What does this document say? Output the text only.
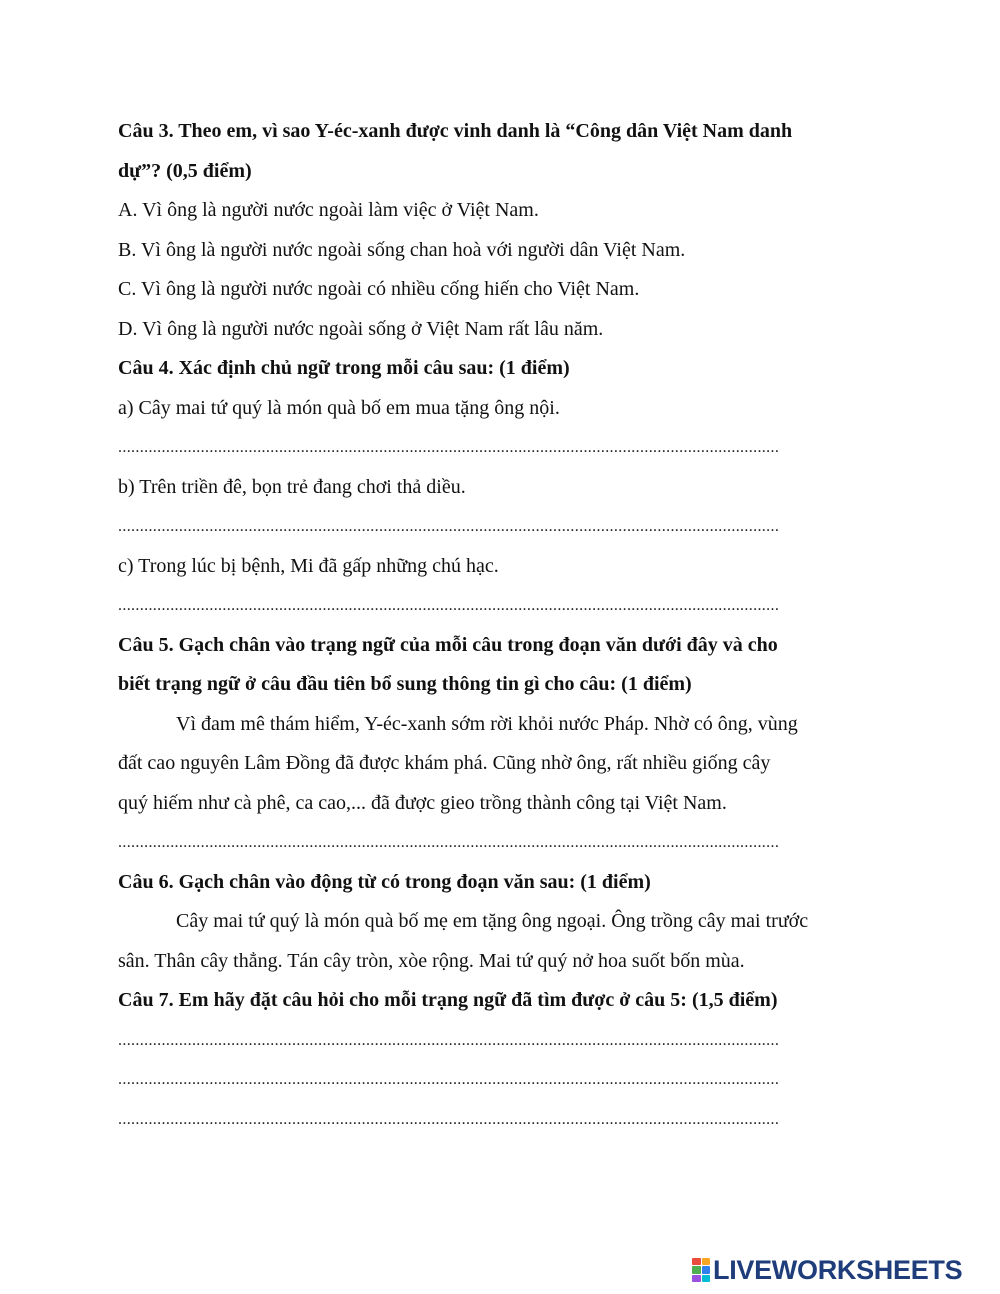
Câu 3. Theo em, vì sao Y-éc-xanh được vinh danh là “Công dân Việt Nam danh
dự”? (0,5 điểm)
A. Vì ông là người nước ngoài làm việc ở Việt Nam.
B. Vì ông là người nước ngoài sống chan hoà với người dân Việt Nam.
C. Vì ông là người nước ngoài có nhiều cống hiến cho Việt Nam.
D. Vì ông là người nước ngoài sống ở Việt Nam rất lâu năm.
Câu 4. Xác định chủ ngữ trong mỗi câu sau: (1 điểm)
a) Cây mai tứ quý là món quà bố em mua tặng ông nội.
........................................................................................................................................................
b) Trên triền đê, bọn trẻ đang chơi thả diều.
........................................................................................................................................................
c) Trong lúc bị bệnh, Mi đã gấp những chú hạc.
........................................................................................................................................................
Câu 5. Gạch chân vào trạng ngữ của mỗi câu trong đoạn văn dưới đây và cho
biết trạng ngữ ở câu đầu tiên bổ sung thông tin gì cho câu: (1 điểm)
Vì đam mê thám hiểm, Y-éc-xanh sớm rời khỏi nước Pháp. Nhờ có ông, vùng
đất cao nguyên Lâm Đồng đã được khám phá. Cũng nhờ ông, rất nhiều giống cây
quý hiếm như cà phê, ca cao,... đã được gieo trồng thành công tại Việt Nam.
........................................................................................................................................................
Câu 6. Gạch chân vào động từ có trong đoạn văn sau: (1 điểm)
Cây mai tứ quý là món quà bố mẹ em tặng ông ngoại. Ông trồng cây mai trước
sân. Thân cây thẳng. Tán cây tròn, xòe rộng. Mai tứ quý nở hoa suốt bốn mùa.
Câu 7. Em hãy đặt câu hỏi cho mỗi trạng ngữ đã tìm được ở câu 5: (1,5 điểm)
........................................................................................................................................................
........................................................................................................................................................
........................................................................................................................................................
LIVEWORKSHEETS
